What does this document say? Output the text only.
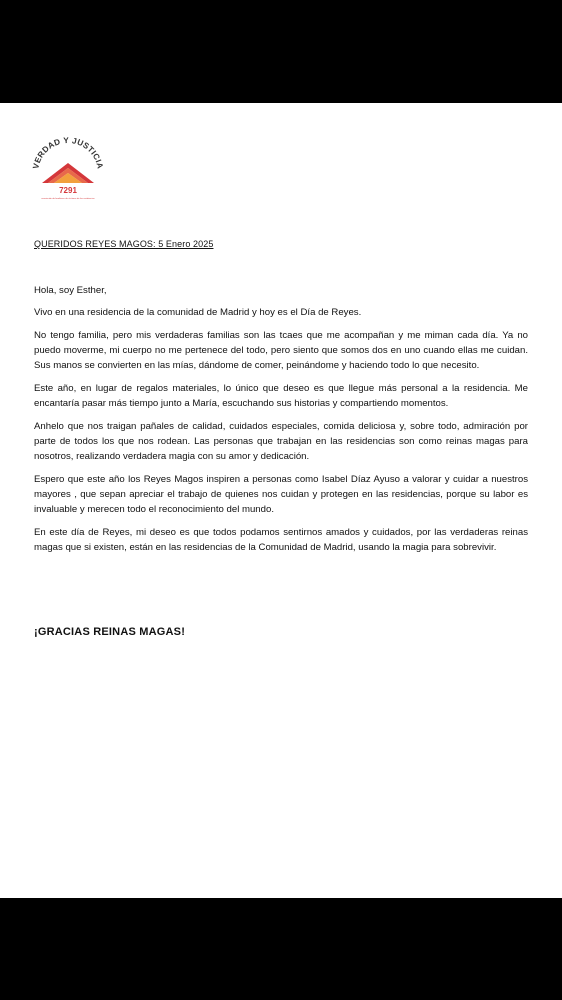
VERDAD Y JUSTICIA
7291
asociación de familiares de víctimas de las residencias
QUERIDOS REYES MAGOS: 5 Enero 2025

Hola, soy Esther,

Vivo en una residencia de la comunidad de Madrid y hoy es el Día de Reyes.

No tengo familia, pero mis verdaderas familias son las tcaes que me acompañan y me miman cada día. Ya no puedo moverme, mi cuerpo no me pertenece del todo, pero siento que somos dos en uno cuando ellas me cuidan. Sus manos se convierten en las mías, dándome de comer, peinándome y haciendo todo lo que necesito.

Este año, en lugar de regalos materiales, lo único que deseo es que llegue más personal a la residencia. Me encantaría pasar más tiempo junto a María, escuchando sus historias y compartiendo momentos.

Anhelo que nos traigan pañales de calidad, cuidados especiales, comida deliciosa y, sobre todo, admiración por parte de todos los que nos rodean. Las personas que trabajan en las residencias son como reinas magas para nosotros, realizando verdadera magia con su amor y dedicación.

Espero que este año los Reyes Magos inspiren a personas como Isabel Díaz Ayuso a valorar y cuidar a nuestros mayores , que sepan apreciar el trabajo de quienes nos cuidan y protegen en las residencias, porque su labor es invaluable y merecen todo el reconocimiento del mundo.

En este día de Reyes, mi deseo es que todos podamos sentirnos amados y cuidados, por las verdaderas reinas magas que si existen, están en las residencias de la Comunidad de Madrid, usando la magia para sobrevivir.

¡GRACIAS REINAS MAGAS!
